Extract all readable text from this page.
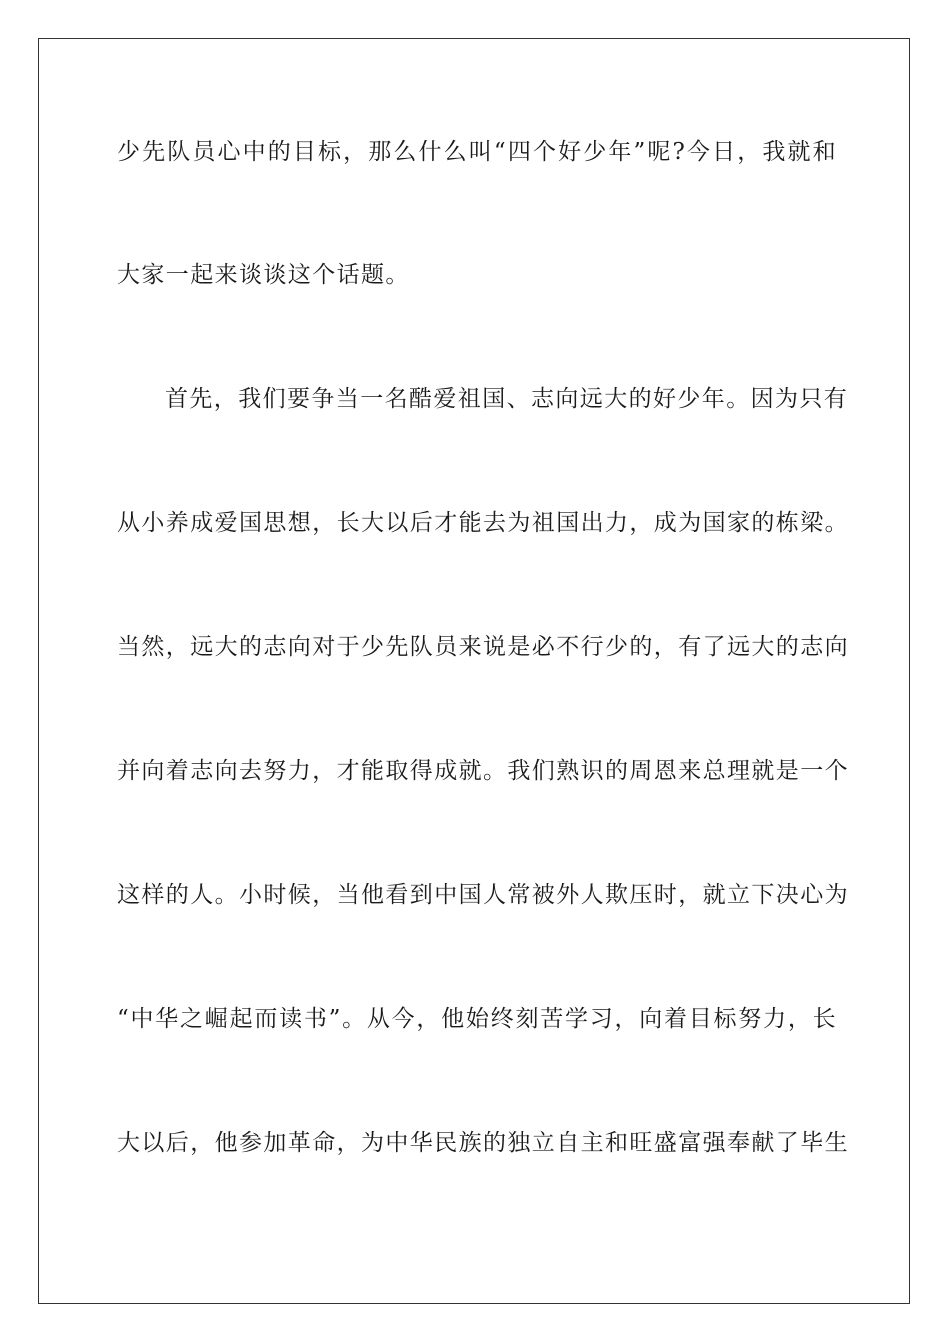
少先队员心中的目标，那么什么叫“四个好少年”呢?今日，我就和
大家一起来谈谈这个话题。
首先，我们要争当一名酷爱祖国、志向远大的好少年。因为只有
从小养成爱国思想，长大以后才能去为祖国出力，成为国家的栋梁。
当然，远大的志向对于少先队员来说是必不行少的，有了远大的志向
并向着志向去努力，才能取得成就。我们熟识的周恩来总理就是一个
这样的人。小时候，当他看到中国人常被外人欺压时，就立下决心为
“中华之崛起而读书”。从今，他始终刻苦学习，向着目标努力，长
大以后，他参加革命，为中华民族的独立自主和旺盛富强奉献了毕生
